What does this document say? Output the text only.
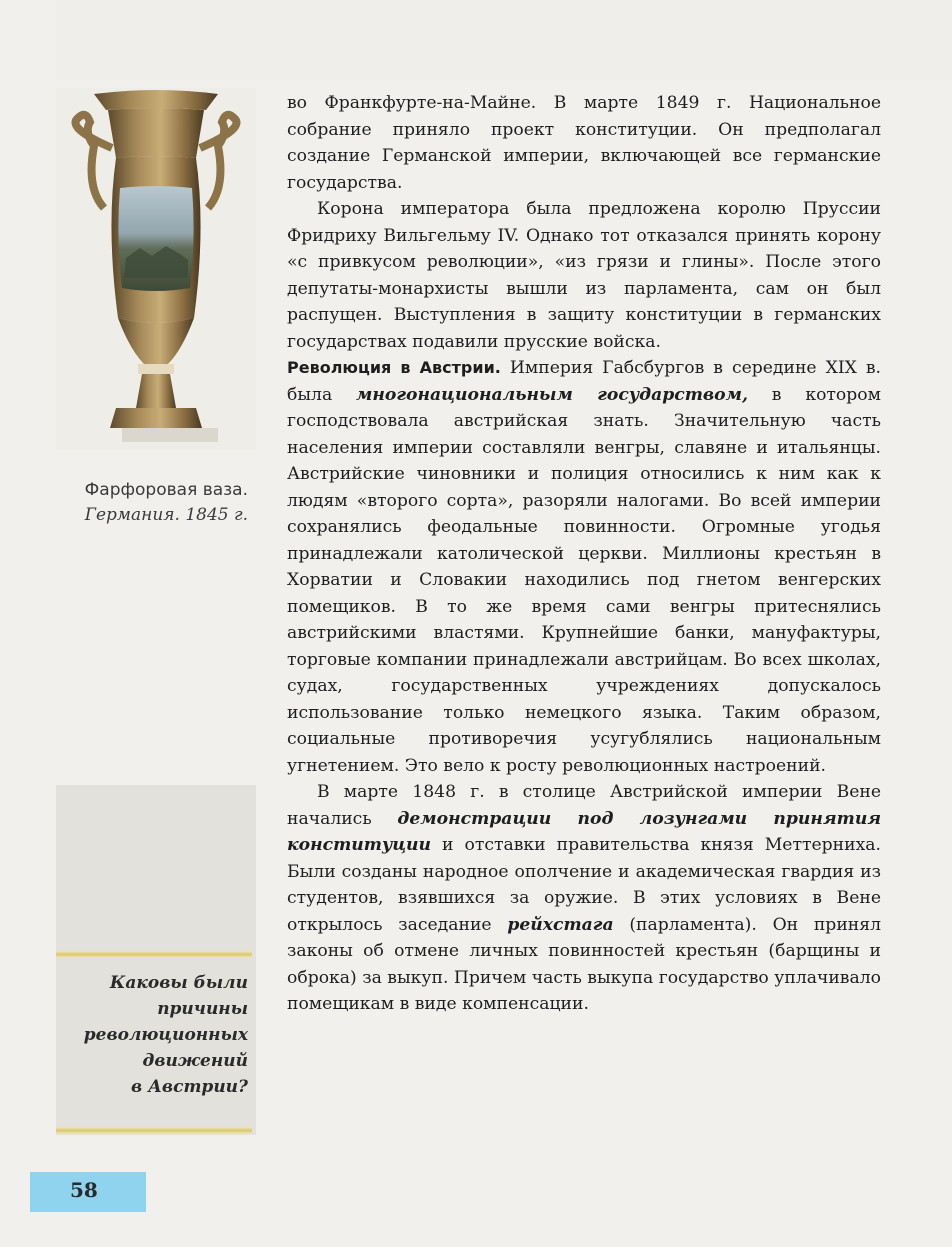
Фарфоровая ваза.
Германия. 1845 г.
Каковы были
причины
революционных
движений
в Австрии?
58

во Франкфурте-на-Майне. В марте 1849 г. Национальное собрание приняло проект конституции. Он предполагал создание Германской империи, включающей все германские государства.

Корона императора была предложена королю Пруссии Фридриху Вильгельму IV. Однако тот отказался принять корону «с привкусом революции», «из грязи и глины». После этого депутаты-монархисты вышли из парламента, сам он был распущен. Выступления в защиту конституции в германских государствах подавили прусские войска.

Революция в Австрии. Империя Габсбургов в середине XIX в. была многонациональным государством, в котором господствовала австрийская знать. Значительную часть населения империи составляли венгры, славяне и итальянцы. Австрийские чиновники и полиция относились к ним как к людям «второго сорта», разоряли налогами. Во всей империи сохранялись феодальные повинности. Огромные угодья принадлежали католической церкви. Миллионы крестьян в Хорватии и Словакии находились под гнетом венгерских помещиков. В то же время сами венгры притеснялись австрийскими властями. Крупнейшие банки, мануфактуры, торговые компании принадлежали австрийцам. Во всех школах, судах, государственных учреждениях допускалось использование только немецкого языка. Таким образом, социальные противоречия усугублялись национальным угнетением. Это вело к росту революционных настроений.

В марте 1848 г. в столице Австрийской империи Вене начались демонстрации под лозунгами принятия конституции и отставки правительства князя Меттерниха. Были созданы народное ополчение и академическая гвардия из студентов, взявшихся за оружие. В этих условиях в Вене открылось заседание рейхстага (парламента). Он принял законы об отмене личных повинностей крестьян (барщины и оброка) за выкуп. Причем часть выкупа государство уплачивало помещикам в виде компенсации.
